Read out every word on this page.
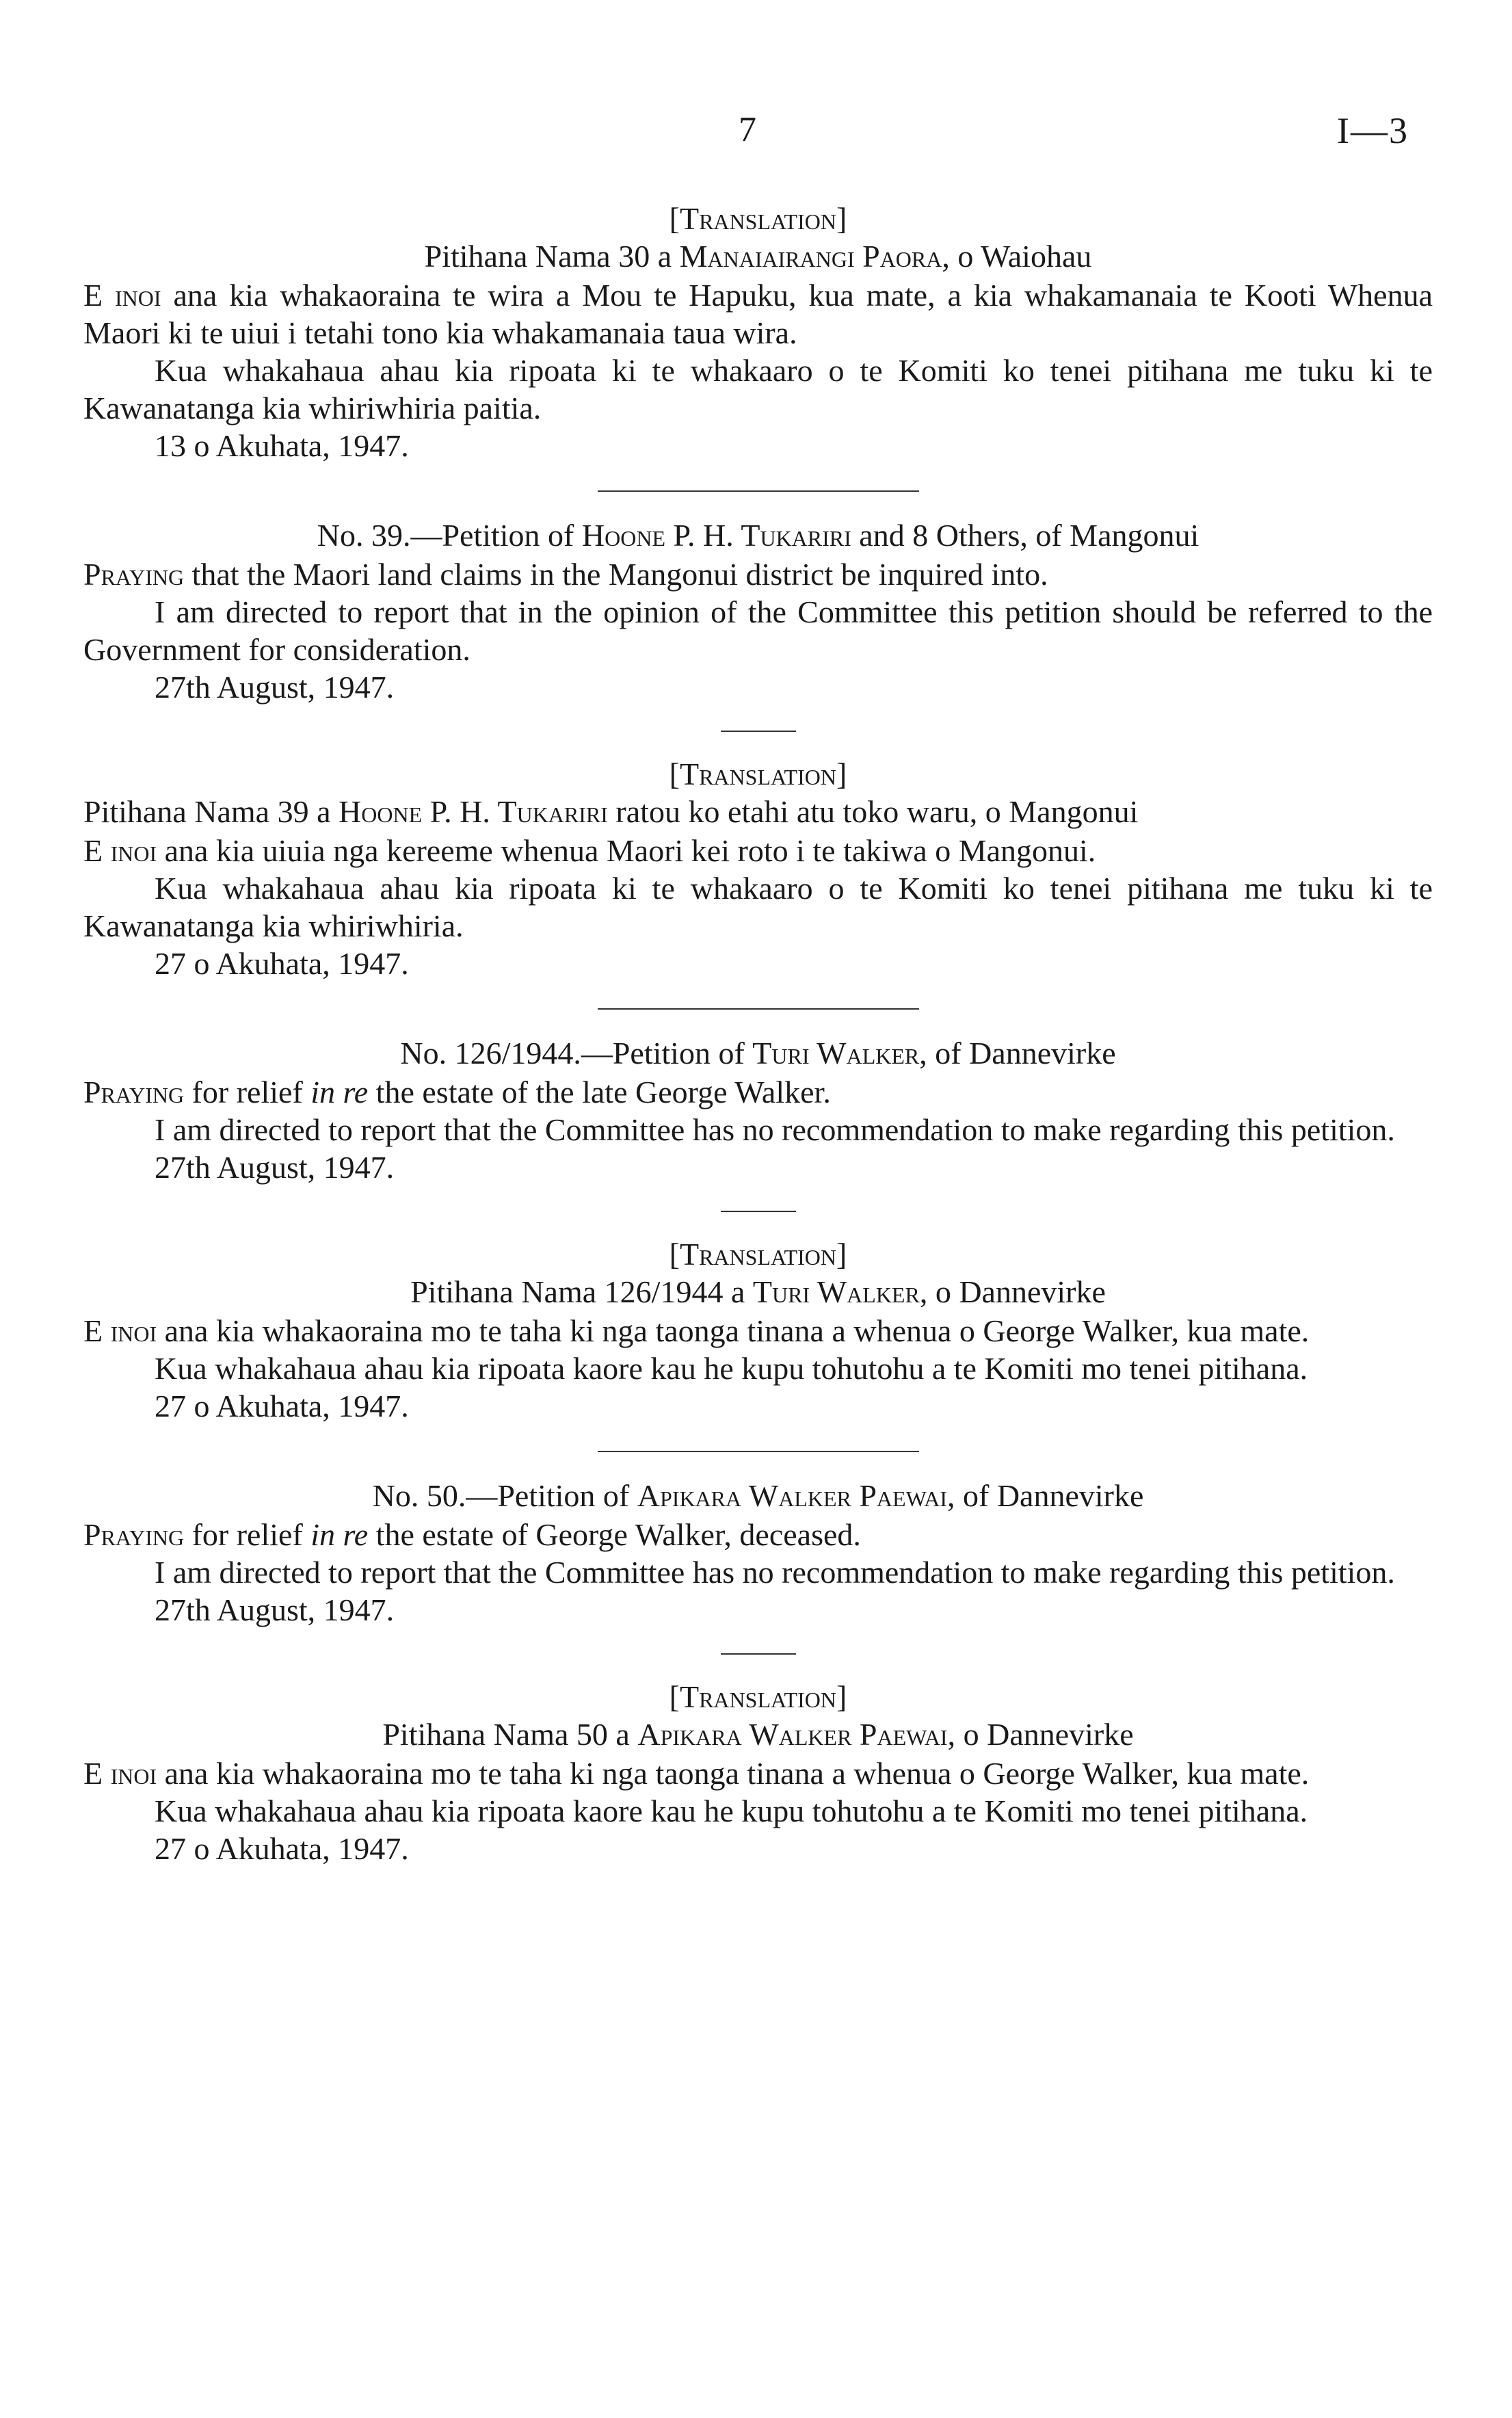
7	I—3

[Translation]

Pitihana Nama 30 a Manaiairangi Paora, o Waiohau

E inoi ana kia whakaoraina te wira a Mou te Hapuku, kua mate, a kia whakamanaia te Kooti Whenua Maori ki te uiui i tetahi tono kia whakamanaia taua wira.

Kua whakahaua ahau kia ripoata ki te whakaaro o te Komiti ko tenei pitihana me tuku ki te Kawanatanga kia whiriwhiria paitia.

13 o Akuhata, 1947.

No. 39.—Petition of Hoone P. H. Tukariri and 8 Others, of Mangonui

Praying that the Maori land claims in the Mangonui district be inquired into.

I am directed to report that in the opinion of the Committee this petition should be referred to the Government for consideration.

27th August, 1947.

[Translation]

Pitihana Nama 39 a Hoone P. H. Tukariri ratou ko etahi atu toko waru, o Mangonui

E inoi ana kia uiuia nga kereeme whenua Maori kei roto i te takiwa o Mangonui.

Kua whakahaua ahau kia ripoata ki te whakaaro o te Komiti ko tenei pitihana me tuku ki te Kawanatanga kia whiriwhiria.

27 o Akuhata, 1947.

No. 126/1944.—Petition of Turi Walker, of Dannevirke

Praying for relief in re the estate of the late George Walker.

I am directed to report that the Committee has no recommendation to make regarding this petition.

27th August, 1947.

[Translation]

Pitihana Nama 126/1944 a Turi Walker, o Dannevirke

E inoi ana kia whakaoraina mo te taha ki nga taonga tinana a whenua o George Walker, kua mate.

Kua whakahaua ahau kia ripoata kaore kau he kupu tohutohu a te Komiti mo tenei pitihana.

27 o Akuhata, 1947.

No. 50.—Petition of Apikara Walker Paewai, of Dannevirke

Praying for relief in re the estate of George Walker, deceased.

I am directed to report that the Committee has no recommendation to make regarding this petition.

27th August, 1947.

[Translation]

Pitihana Nama 50 a Apikara Walker Paewai, o Dannevirke

E inoi ana kia whakaoraina mo te taha ki nga taonga tinana a whenua o George Walker, kua mate.

Kua whakahaua ahau kia ripoata kaore kau he kupu tohutohu a te Komiti mo tenei pitihana.

27 o Akuhata, 1947.
